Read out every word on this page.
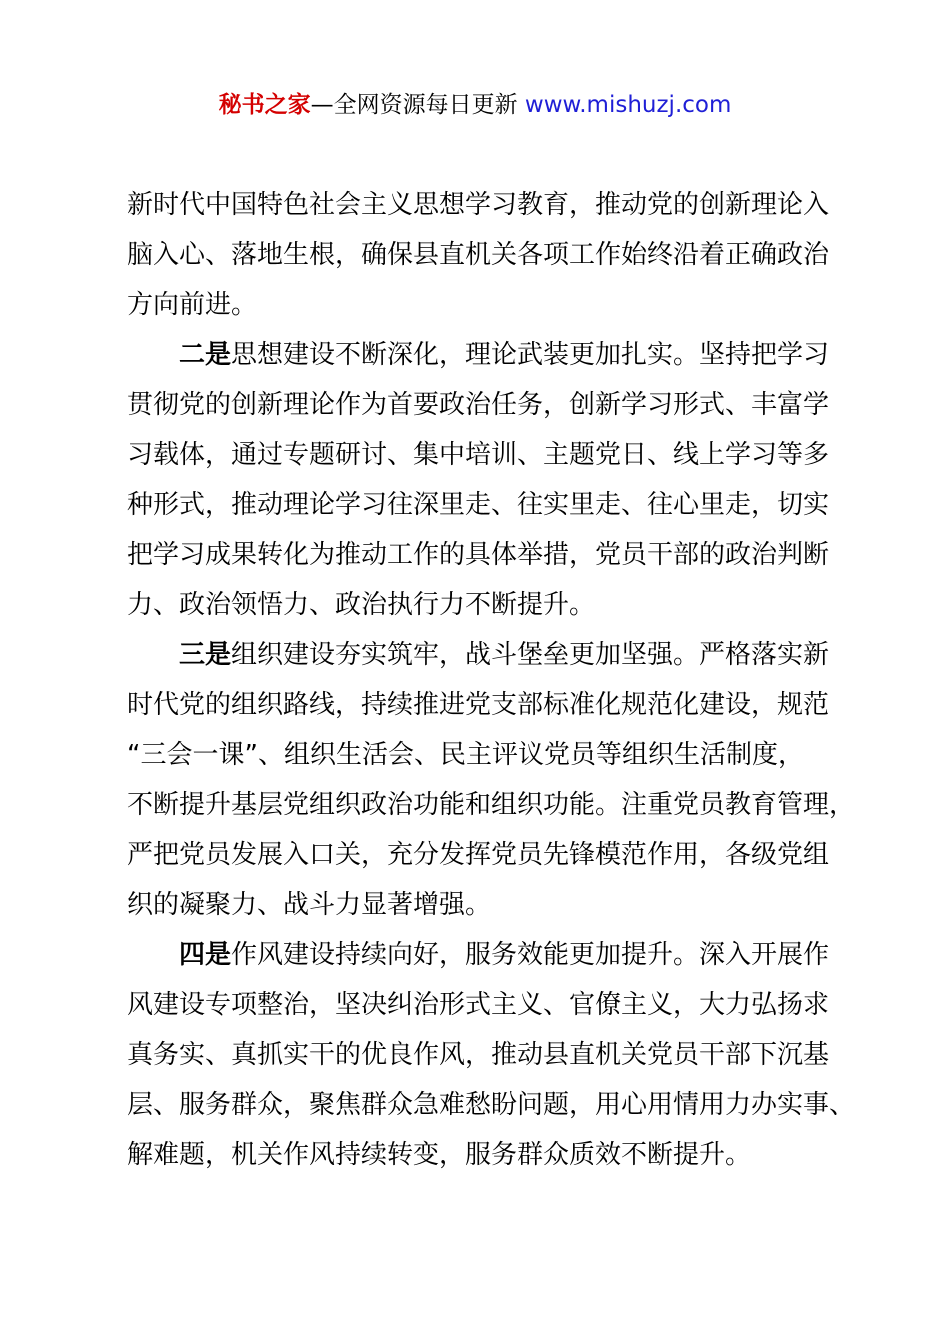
秘书之家—全网资源每日更新 www.mishuzj.com
新时代中国特色社会主义思想学习教育，推动党的创新理论入
脑入心、落地生根，确保县直机关各项工作始终沿着正确政治
方向前进。
二是思想建设不断深化，理论武装更加扎实。坚持把学习
贯彻党的创新理论作为首要政治任务，创新学习形式、丰富学
习载体，通过专题研讨、集中培训、主题党日、线上学习等多
种形式，推动理论学习往深里走、往实里走、往心里走，切实
把学习成果转化为推动工作的具体举措，党员干部的政治判断
力、政治领悟力、政治执行力不断提升。
三是组织建设夯实筑牢，战斗堡垒更加坚强。严格落实新
时代党的组织路线，持续推进党支部标准化规范化建设，规范
“三会一课”、组织生活会、民主评议党员等组织生活制度，
不断提升基层党组织政治功能和组织功能。注重党员教育管理，
严把党员发展入口关，充分发挥党员先锋模范作用，各级党组
织的凝聚力、战斗力显著增强。
四是作风建设持续向好，服务效能更加提升。深入开展作
风建设专项整治，坚决纠治形式主义、官僚主义，大力弘扬求
真务实、真抓实干的优良作风，推动县直机关党员干部下沉基
层、服务群众，聚焦群众急难愁盼问题，用心用情用力办实事、
解难题，机关作风持续转变，服务群众质效不断提升。
